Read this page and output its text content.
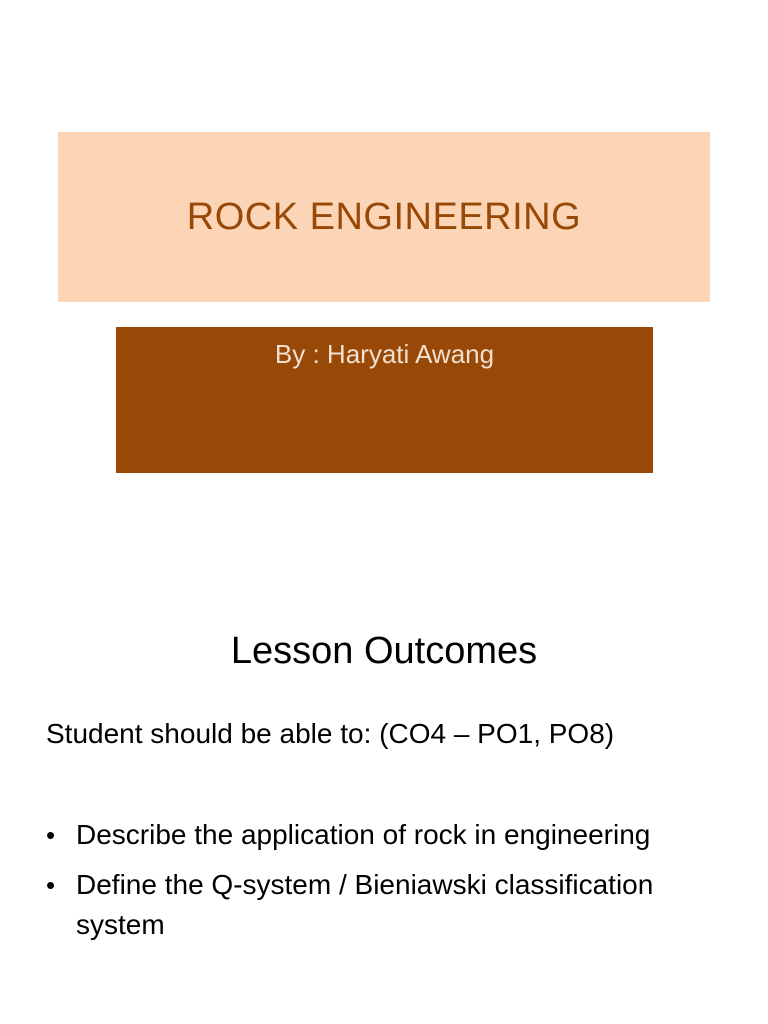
ROCK ENGINEERING
By : Haryati Awang
Lesson Outcomes

Student should be able to: (CO4 – PO1, PO8)

• Describe the application of rock in engineering
• Define the Q-system / Bieniawski classification system
